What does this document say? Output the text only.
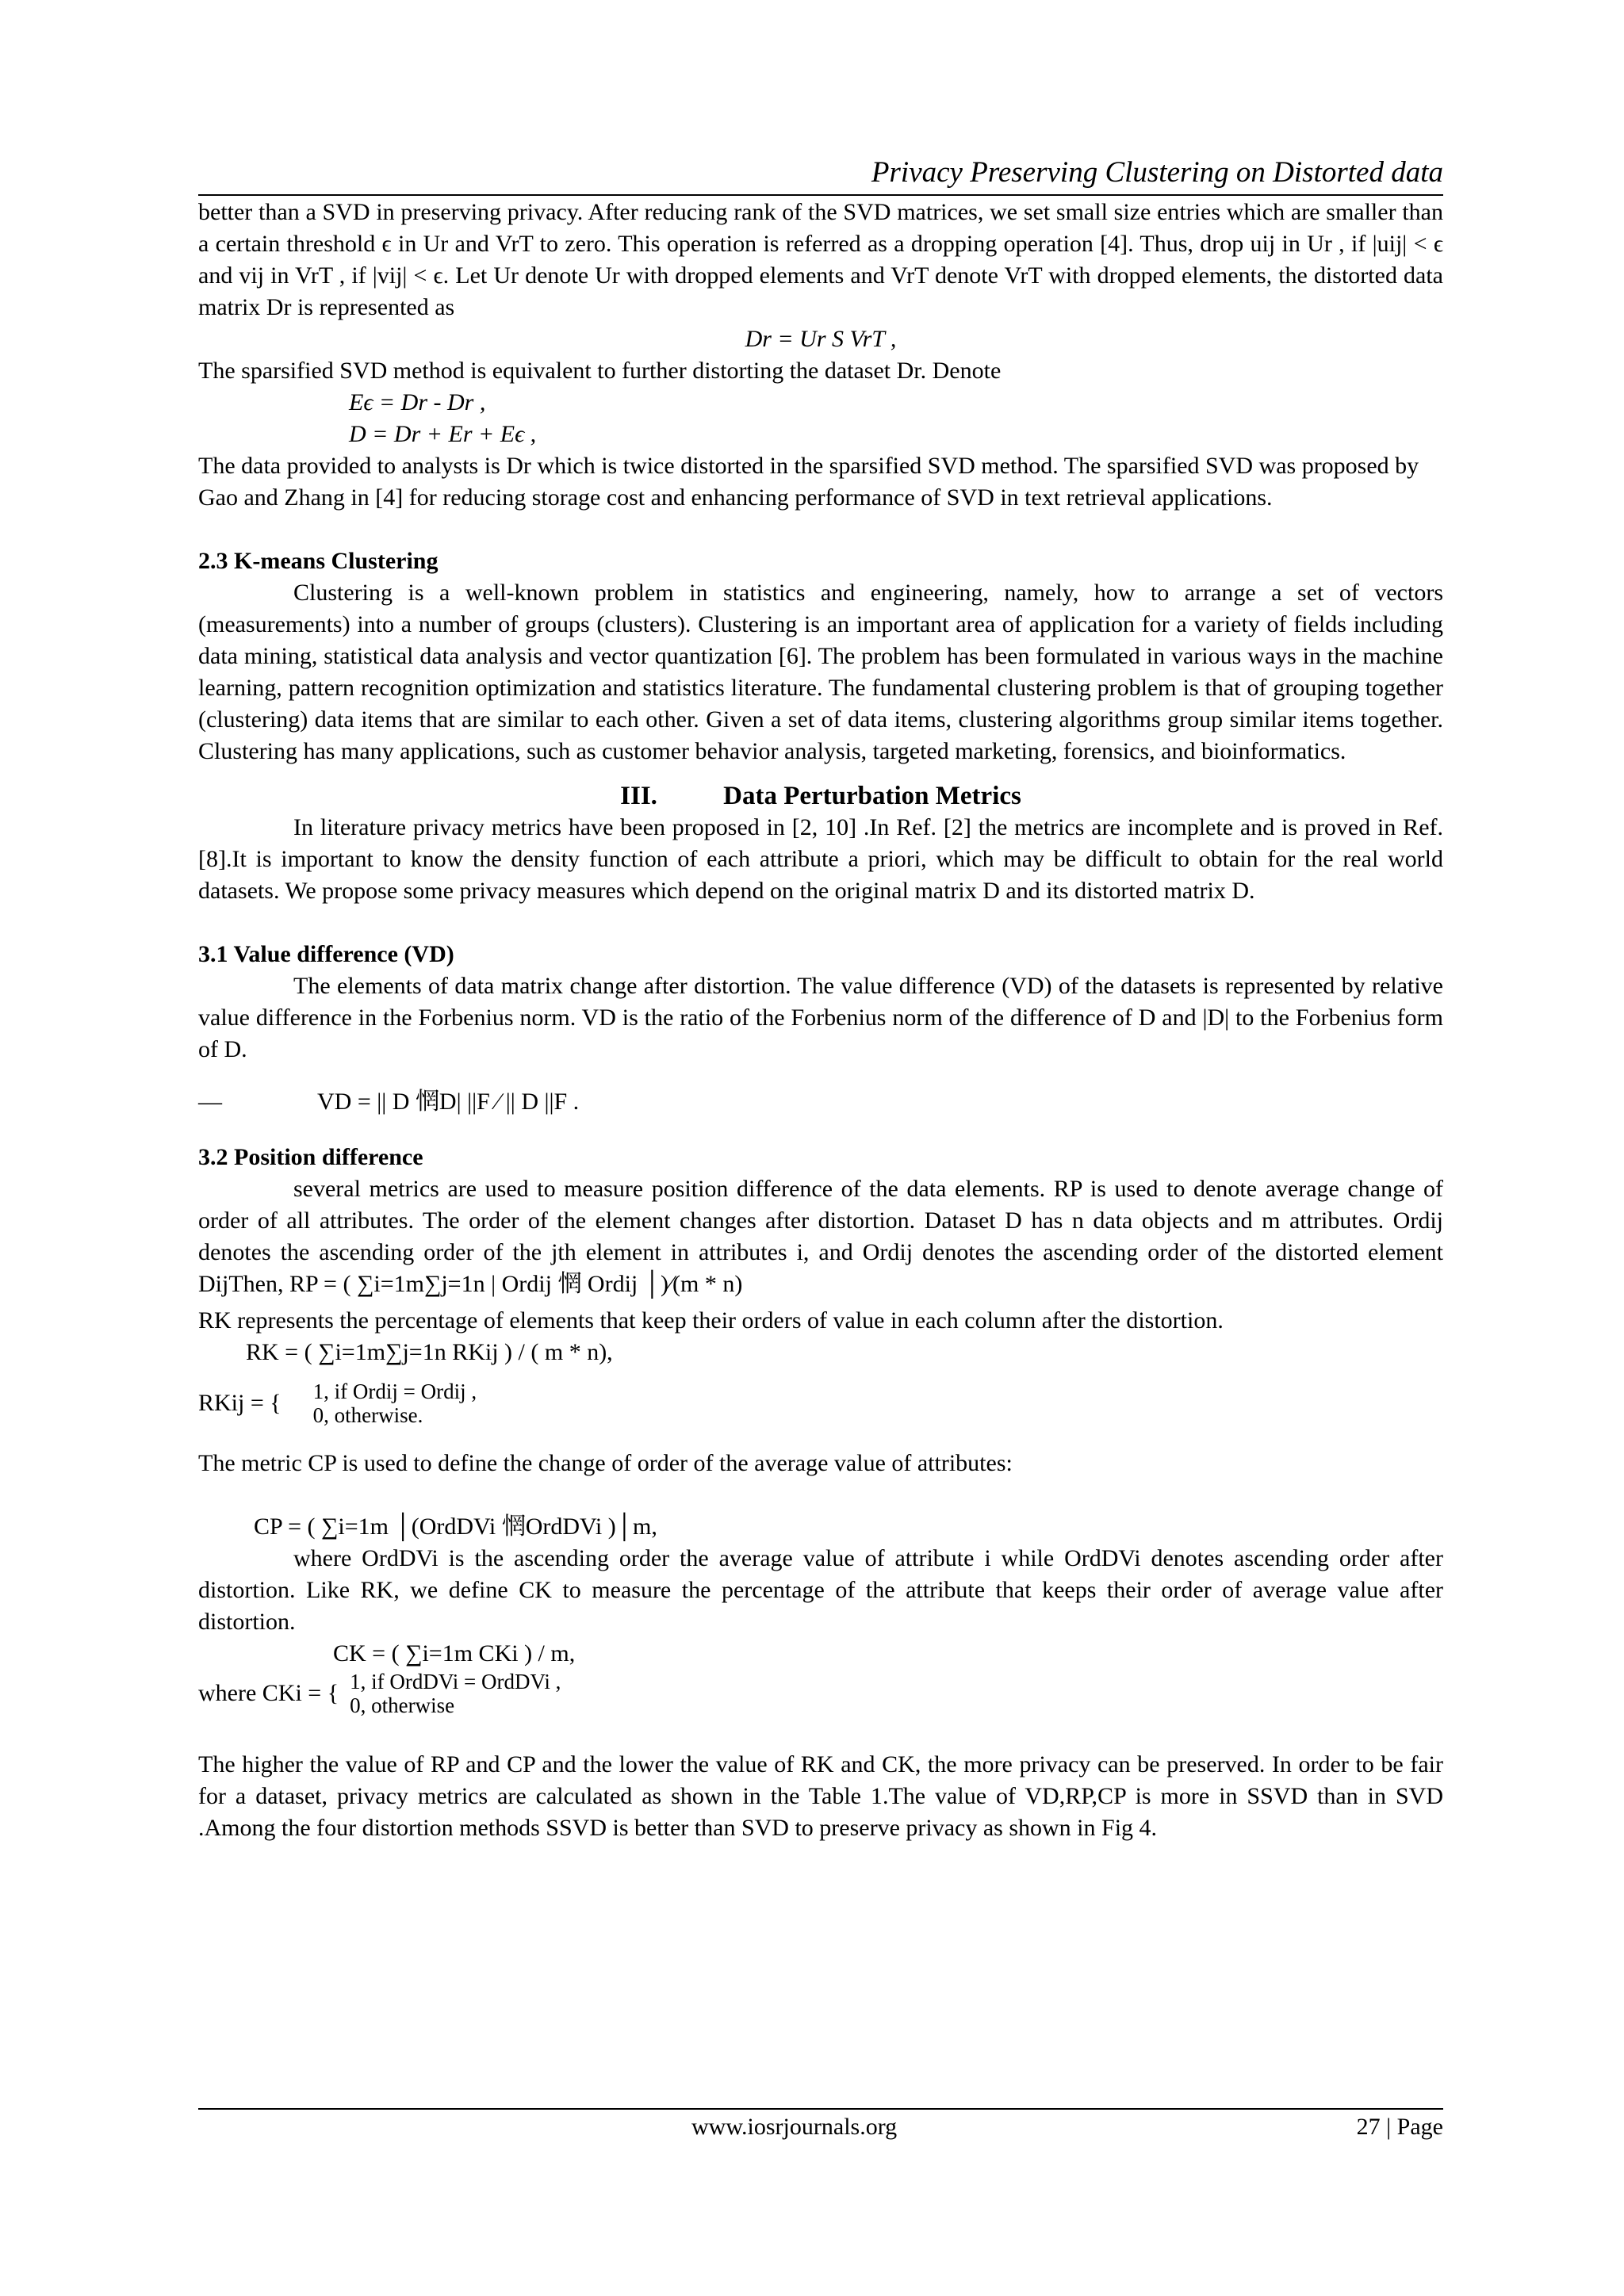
Privacy Preserving Clustering on Distorted data

better than a SVD in preserving privacy. After reducing rank of the SVD matrices, we set small size entries which are smaller than a certain threshold ϵ in Ur and VrT to zero. This operation is referred as a dropping operation [4]. Thus, drop uij in Ur , if |uij| < ϵ and vij in VrT , if |vij| < ϵ. Let Ur denote Ur with dropped elements and VrT denote VrT with dropped elements, the distorted data matrix Dr is represented as

Dr = Ur S VrT ,

The sparsified SVD method is equivalent to further distorting the dataset Dr. Denote

Eϵ = Dr - Dr ,

D = Dr + Er + Eϵ ,

The data provided to analysts is Dr which is twice distorted in the sparsified SVD method. The sparsified SVD was proposed by Gao and Zhang in [4] for reducing storage cost and enhancing performance of SVD in text retrieval applications.

2.3 K-means Clustering

Clustering is a well-known problem in statistics and engineering, namely, how to arrange a set of vectors (measurements) into a number of groups (clusters). Clustering is an important area of application for a variety of fields including data mining, statistical data analysis and vector quantization [6]. The problem has been formulated in various ways in the machine learning, pattern recognition optimization and statistics literature. The fundamental clustering problem is that of grouping together (clustering) data items that are similar to each other. Given a set of data items, clustering algorithms group similar items together. Clustering has many applications, such as customer behavior analysis, targeted marketing, forensics, and bioinformatics.

III.	Data Perturbation Metrics

In literature privacy metrics have been proposed in [2, 10] .In Ref. [2] the metrics are incomplete and is proved in Ref. [8].It is important to know the density function of each attribute a priori, which may be difficult to obtain for the real world datasets. We propose some privacy measures which depend on the original matrix D and its distorted matrix D.

3.1 Value difference (VD)

The elements of data matrix change after distortion. The value difference (VD) of the datasets is represented by relative value difference in the Forbenius norm. VD is the ratio of the Forbenius norm of the difference of D and |D| to the Forbenius form of D.

—	VD = || D 惘D| ||F ∕ || D ||F .

3.2 Position difference

several metrics are used to measure position difference of the data elements. RP is used to denote average change of order of all attributes. The order of the element changes after distortion. Dataset D has n data objects and m attributes. Ordij denotes the ascending order of the jth element in attributes i, and Ordij denotes the ascending order of the distorted element DijThen, RP = ( ∑i=1m∑j=1n | Ordij 惘 Ordij │)∕(m * n)

RK represents the percentage of elements that keep their orders of value in each column after the distortion.

RK = ( ∑i=1m∑j=1n RKij ) / ( m * n),

RKij = { 1, if Ordij = Ordij ,
0, otherwise.

The metric CP is used to define the change of order of the average value of attributes:

CP = ( ∑i=1m │(OrdDVi 惘OrdDVi )│m,

where OrdDVi is the ascending order the average value of attribute i while OrdDVi denotes ascending order after distortion. Like RK, we define CK to measure the percentage of the attribute that keeps their order of average value after distortion.

CK = ( ∑i=1m CKi ) / m,

where CKi = { 1, if OrdDVi = OrdDVi ,
0, otherwise

The higher the value of RP and CP and the lower the value of RK and CK, the more privacy can be preserved. In order to be fair for a dataset, privacy metrics are calculated as shown in the Table 1.The value of VD,RP,CP is more in SSVD than in SVD .Among the four distortion methods SSVD is better than SVD to preserve privacy as shown in Fig 4.

www.iosrjournals.org	27 | Page
